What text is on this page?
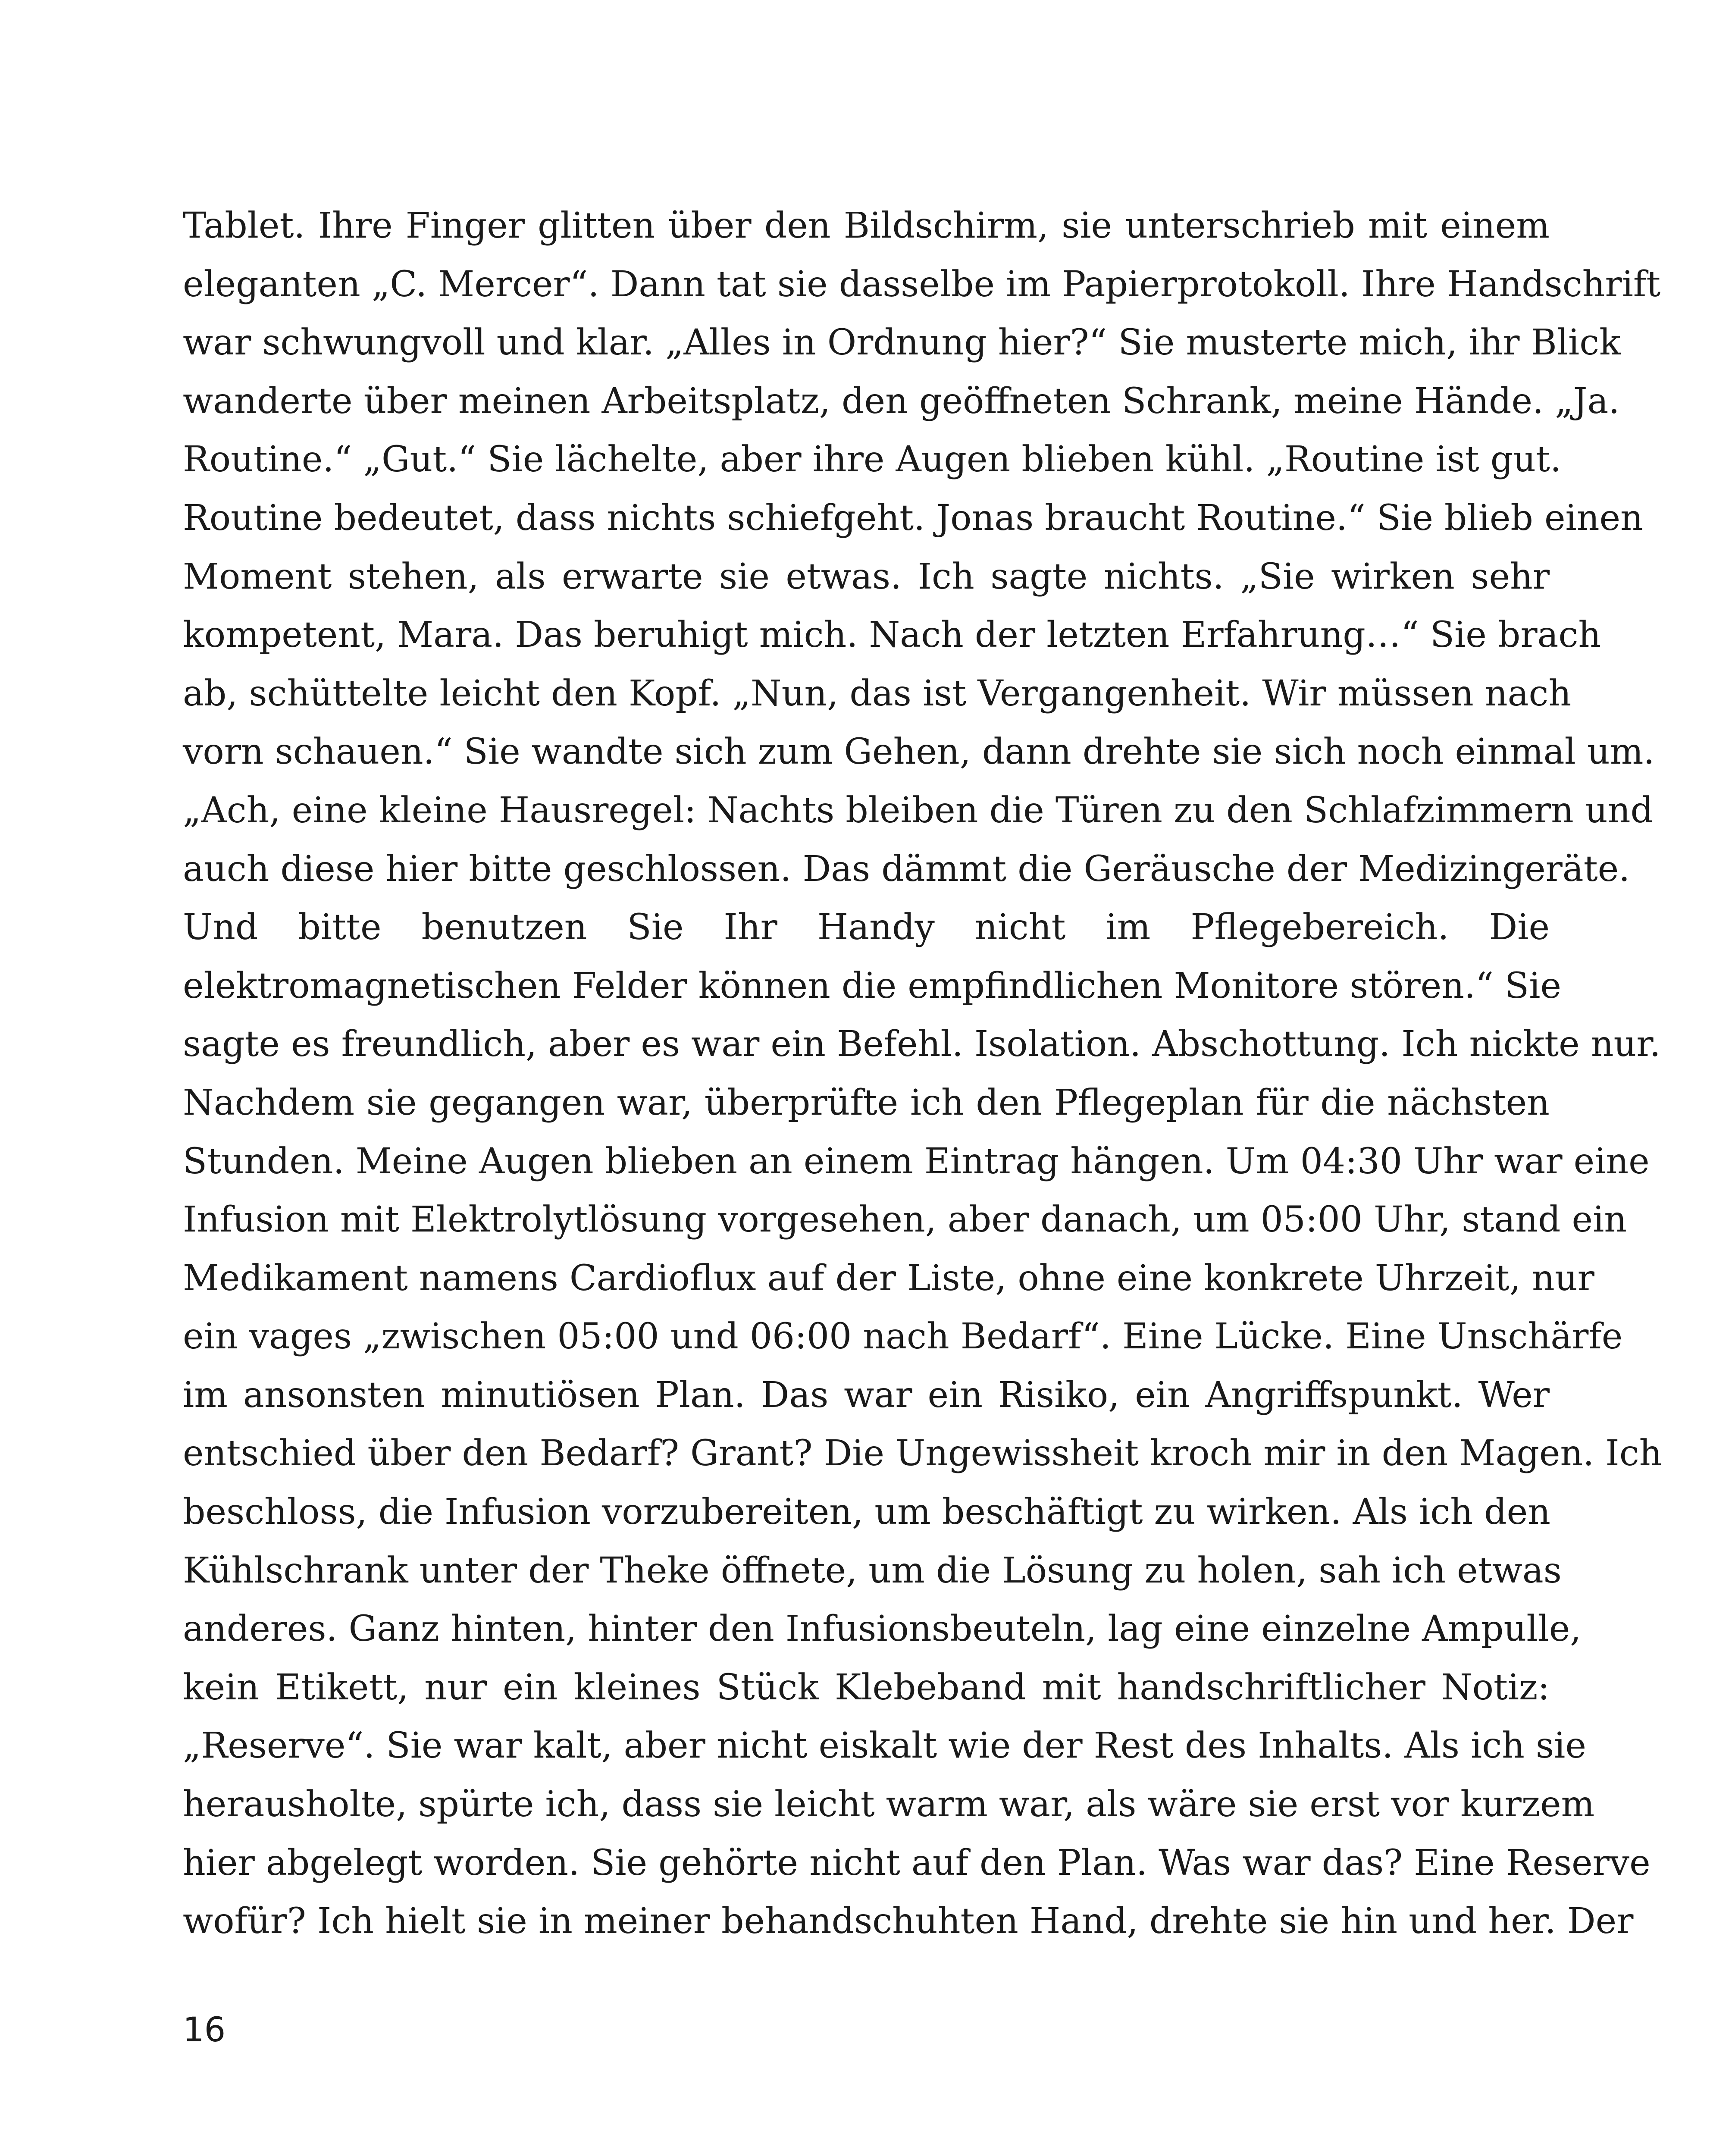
Tablet. Ihre Finger glitten über den Bildschirm, sie unterschrieb mit einem
eleganten „C. Mercer“. Dann tat sie dasselbe im Papierprotokoll. Ihre Handschrift
war schwungvoll und klar. „Alles in Ordnung hier?“ Sie musterte mich, ihr Blick
wanderte über meinen Arbeitsplatz, den geöffneten Schrank, meine Hände. „Ja.
Routine.“ „Gut.“ Sie lächelte, aber ihre Augen blieben kühl. „Routine ist gut.
Routine bedeutet, dass nichts schiefgeht. Jonas braucht Routine.“ Sie blieb einen
Moment stehen, als erwarte sie etwas. Ich sagte nichts. „Sie wirken sehr
kompetent, Mara. Das beruhigt mich. Nach der letzten Erfahrung…“ Sie brach
ab, schüttelte leicht den Kopf. „Nun, das ist Vergangenheit. Wir müssen nach
vorn schauen.“ Sie wandte sich zum Gehen, dann drehte sie sich noch einmal um.
„Ach, eine kleine Hausregel: Nachts bleiben die Türen zu den Schlafzimmern und
auch diese hier bitte geschlossen. Das dämmt die Geräusche der Medizingeräte.
Und bitte benutzen Sie Ihr Handy nicht im Pflegebereich. Die
elektromagnetischen Felder können die empfindlichen Monitore stören.“ Sie
sagte es freundlich, aber es war ein Befehl. Isolation. Abschottung. Ich nickte nur.
Nachdem sie gegangen war, überprüfte ich den Pflegeplan für die nächsten
Stunden. Meine Augen blieben an einem Eintrag hängen. Um 04:30 Uhr war eine
Infusion mit Elektrolytlösung vorgesehen, aber danach, um 05:00 Uhr, stand ein
Medikament namens Cardioflux auf der Liste, ohne eine konkrete Uhrzeit, nur
ein vages „zwischen 05:00 und 06:00 nach Bedarf“. Eine Lücke. Eine Unschärfe
im ansonsten minutiösen Plan. Das war ein Risiko, ein Angriffspunkt. Wer
entschied über den Bedarf? Grant? Die Ungewissheit kroch mir in den Magen. Ich
beschloss, die Infusion vorzubereiten, um beschäftigt zu wirken. Als ich den
Kühlschrank unter der Theke öffnete, um die Lösung zu holen, sah ich etwas
anderes. Ganz hinten, hinter den Infusionsbeuteln, lag eine einzelne Ampulle,
kein Etikett, nur ein kleines Stück Klebeband mit handschriftlicher Notiz:
„Reserve“. Sie war kalt, aber nicht eiskalt wie der Rest des Inhalts. Als ich sie
herausholte, spürte ich, dass sie leicht warm war, als wäre sie erst vor kurzem
hier abgelegt worden. Sie gehörte nicht auf den Plan. Was war das? Eine Reserve
wofür? Ich hielt sie in meiner behandschuhten Hand, drehte sie hin und her. Der
16
